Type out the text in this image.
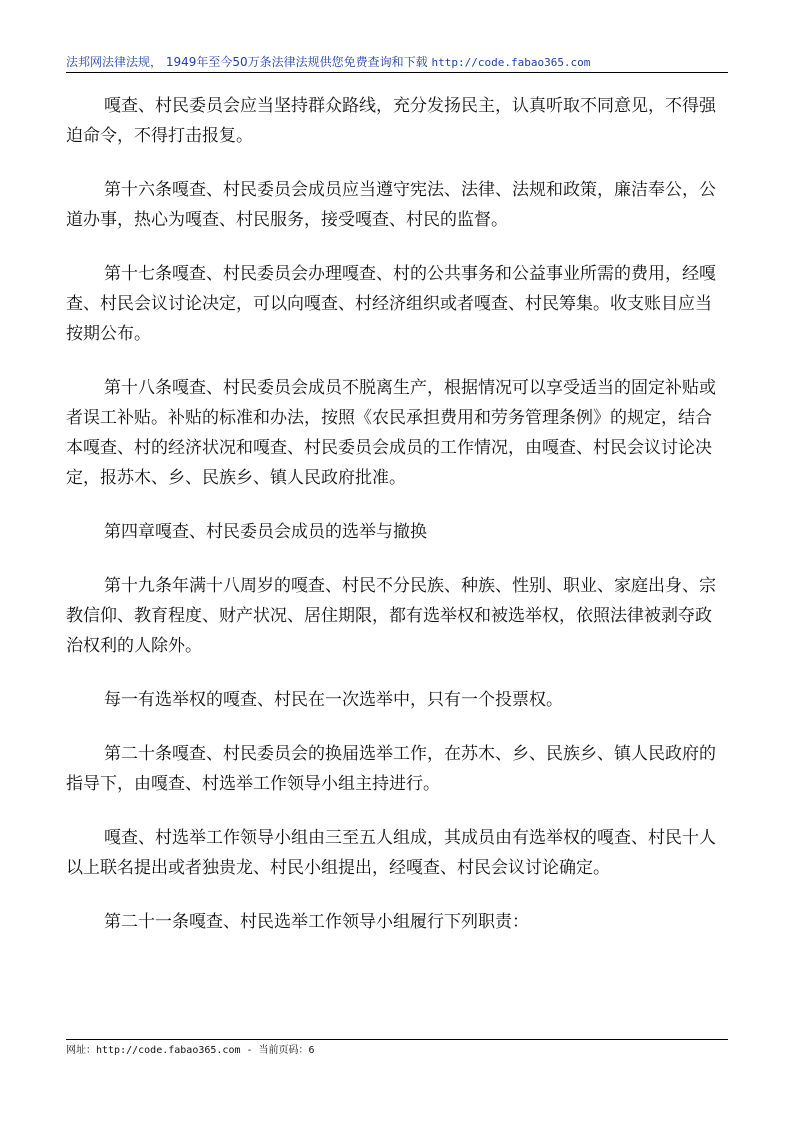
法邦网法律法规， 1949年至今50万条法律法规供您免费查询和下载 http://code.fabao365.com

嘎查、村民委员会应当坚持群众路线，充分发扬民主，认真听取不同意见，不得强迫命令，不得打击报复。

第十六条嘎查、村民委员会成员应当遵守宪法、法律、法规和政策，廉洁奉公，公道办事，热心为嘎查、村民服务，接受嘎查、村民的监督。

第十七条嘎查、村民委员会办理嘎查、村的公共事务和公益事业所需的费用，经嘎查、村民会议讨论决定，可以向嘎查、村经济组织或者嘎查、村民筹集。收支账目应当按期公布。

第十八条嘎查、村民委员会成员不脱离生产，根据情况可以享受适当的固定补贴或者误工补贴。补贴的标准和办法，按照《农民承担费用和劳务管理条例》的规定，结合本嘎查、村的经济状况和嘎查、村民委员会成员的工作情况，由嘎查、村民会议讨论决定，报苏木、乡、民族乡、镇人民政府批准。

第四章嘎查、村民委员会成员的选举与撤换

第十九条年满十八周岁的嘎查、村民不分民族、种族、性别、职业、家庭出身、宗教信仰、教育程度、财产状况、居住期限，都有选举权和被选举权，依照法律被剥夺政治权利的人除外。

每一有选举权的嘎查、村民在一次选举中，只有一个投票权。

第二十条嘎查、村民委员会的换届选举工作，在苏木、乡、民族乡、镇人民政府的指导下，由嘎查、村选举工作领导小组主持进行。

嘎查、村选举工作领导小组由三至五人组成，其成员由有选举权的嘎查、村民十人以上联名提出或者独贵龙、村民小组提出，经嘎查、村民会议讨论确定。

第二十一条嘎查、村民选举工作领导小组履行下列职责：

网址：http://code.fabao365.com - 当前页码：6
